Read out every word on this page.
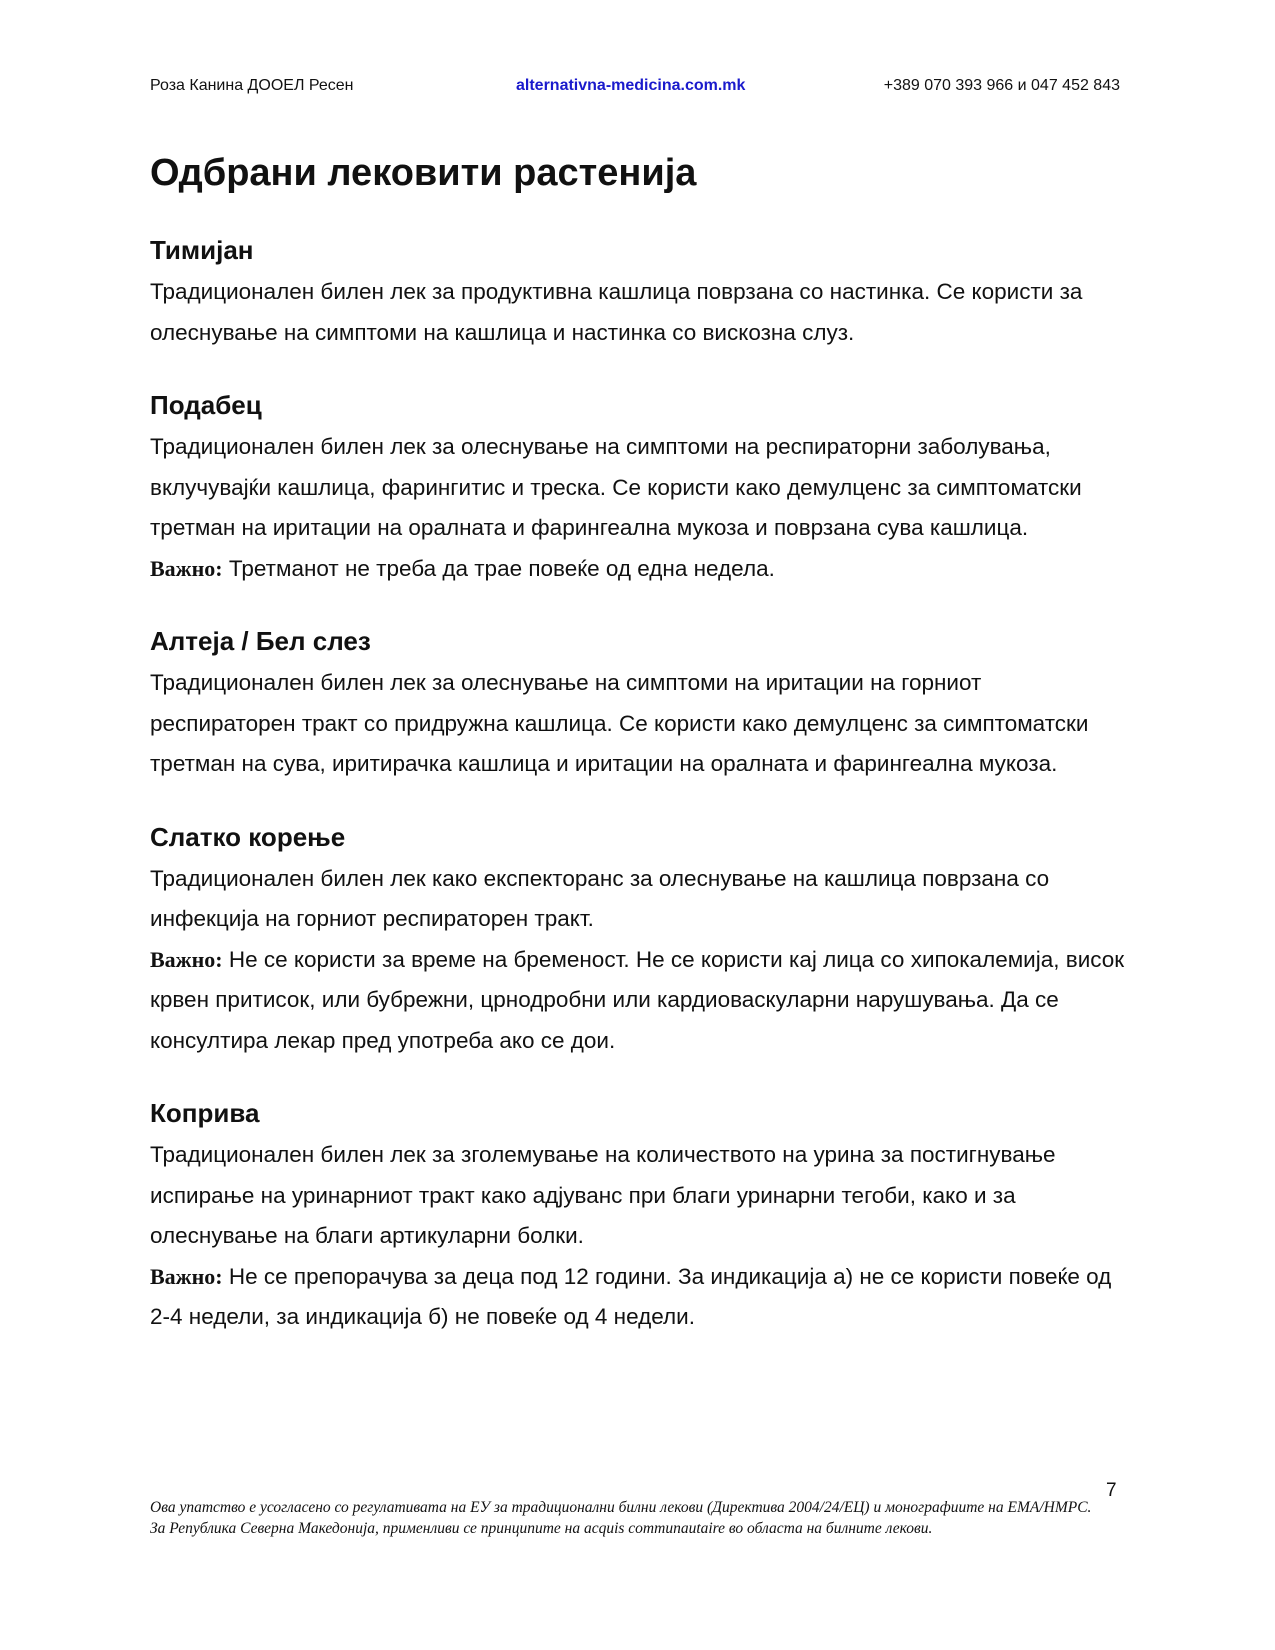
Роза Канина ДООЕЛ Ресен	alternativna-medicina.com.mk	+389 070 393 966 и 047 452 843
Одбрани лековити растенија
Тимијан

Традиционален билен лек за продуктивна кашлица поврзана со настинка. Се користи за олеснување на симптоми на кашлица и настинка со вискозна слуз.

Подабец

Традиционален билен лек за олеснување на симптоми на респираторни заболувања, вклучувајќи кашлица, фарингитис и треска. Се користи како демулценс за симптоматски третман на иритации на оралната и фарингеална мукоза и поврзана сува кашлица.

Важно: Третманот не треба да трае повеќе од една недела.

Алтеја / Бел слез

Традиционален билен лек за олеснување на симптоми на иритации на горниот респираторен тракт со придружна кашлица. Се користи како демулценс за симптоматски третман на сува, иритирачка кашлица и иритации на оралната и фарингеална мукоза.

Слатко корење

Традиционален билен лек како експекторанс за олеснување на кашлица поврзана со инфекција на горниот респираторен тракт.

Важно: Не се користи за време на бременост. Не се користи кај лица со хипокалемија, висок крвен притисок, или бубрежни, црнодробни или кардиоваскуларни нарушувања. Да се консултира лекар пред употреба ако се дои.

Коприва

Традиционален билен лек за зголемување на количеството на урина за постигнување испирање на уринарниот тракт како адјуванс при благи уринарни тегоби, како и за олеснување на благи артикуларни болки.

Важно: Не се препорачува за деца под 12 години. За индикација а) не се користи повеќе од 2-4 недели, за индикација б) не повеќе од 4 недели.

7
Ова упатство е усогласено со регулативата на ЕУ за традиционални билни лекови (Директива 2004/24/ЕЦ) и монографиите на ЕМА/НМРС. За Република Северна Македонија, применливи се принципите на acquis communautaire во областа на билните лекови.
